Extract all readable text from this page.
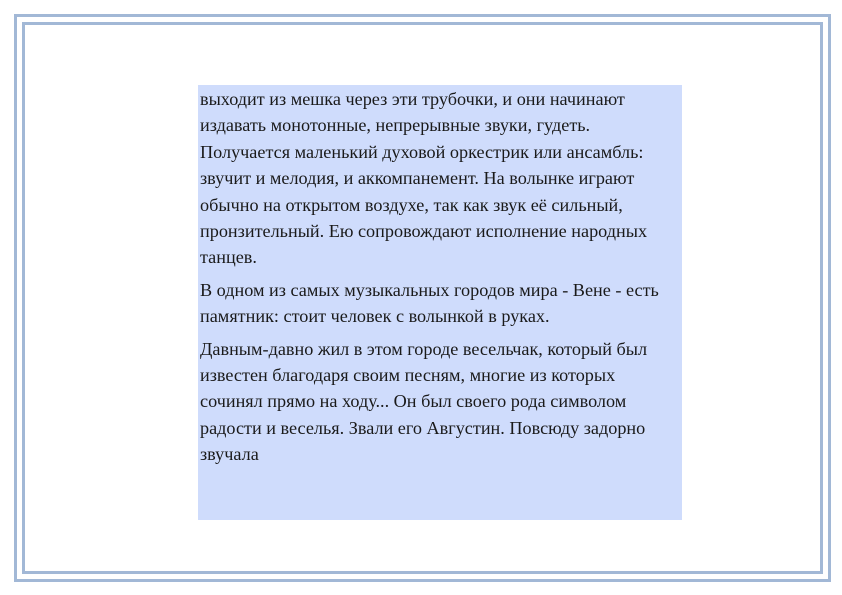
выходит из мешка через эти трубочки, и они начинают издавать монотонные, непрерывные звуки, гудеть. Получается маленький духовой оркестрик или ансамбль: звучит и мелодия, и аккомпанемент. На волынке играют обычно на открытом воздухе, так как звук её сильный, пронзительный. Ею сопровождают исполнение народных танцев.

В одном из самых музыкальных городов мира - Вене - есть памятник: стоит человек с волынкой в руках.

Давным-давно жил в этом городе весельчак, который был известен благодаря своим песням, многие из которых сочинял прямо на ходу... Он был своего рода символом радости и веселья. Звали его Августин. Повсюду задорно звучала
